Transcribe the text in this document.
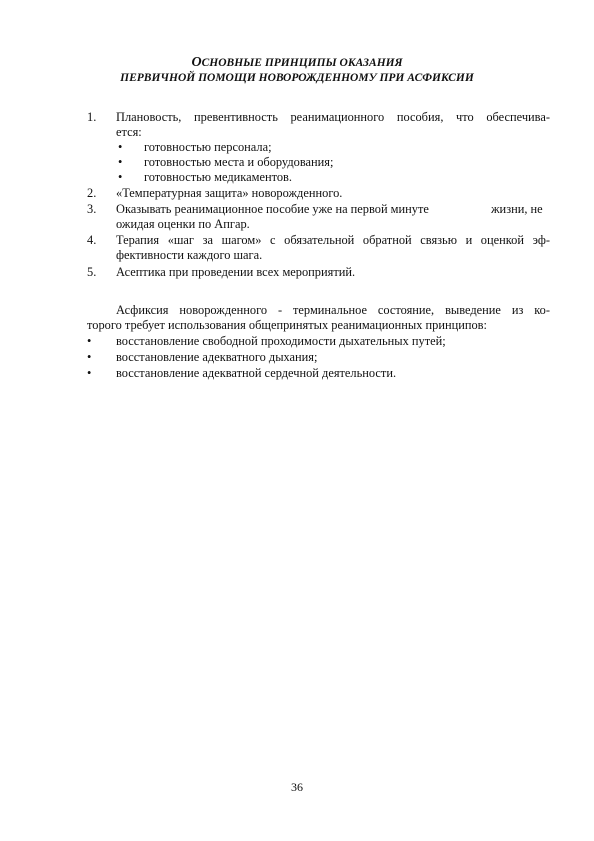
ОСНОВНЫЕ ПРИНЦИПЫ ОКАЗАНИЯ
ПЕРВИЧНОЙ ПОМОЩИ НОВОРОЖДЕННОМУ ПРИ АСФИКСИИ
1. Плановость, превентивность реанимационного пособия, что обеспечива-
ется:
• готовностью персонала;
• готовностью места и оборудования;
• готовностью медикаментов.
2. «Температурная защита» новорожденного.
3. Оказывать реанимационное пособие уже на первой минуте	жизни, не
ожидая оценки по Апгар.
4. Терапия «шаг за шагом» с обязательной обратной связью и оценкой эф-
фективности каждого шага.
5. Асептика при проведении всех мероприятий.
Асфиксия новорожденного - терминальное состояние, выведение из ко-
торого требует использования общепринятых реанимационных принципов:
• восстановление свободной проходимости дыхательных путей;
• восстановление адекватного дыхания;
• восстановление адекватной сердечной деятельности.
36
